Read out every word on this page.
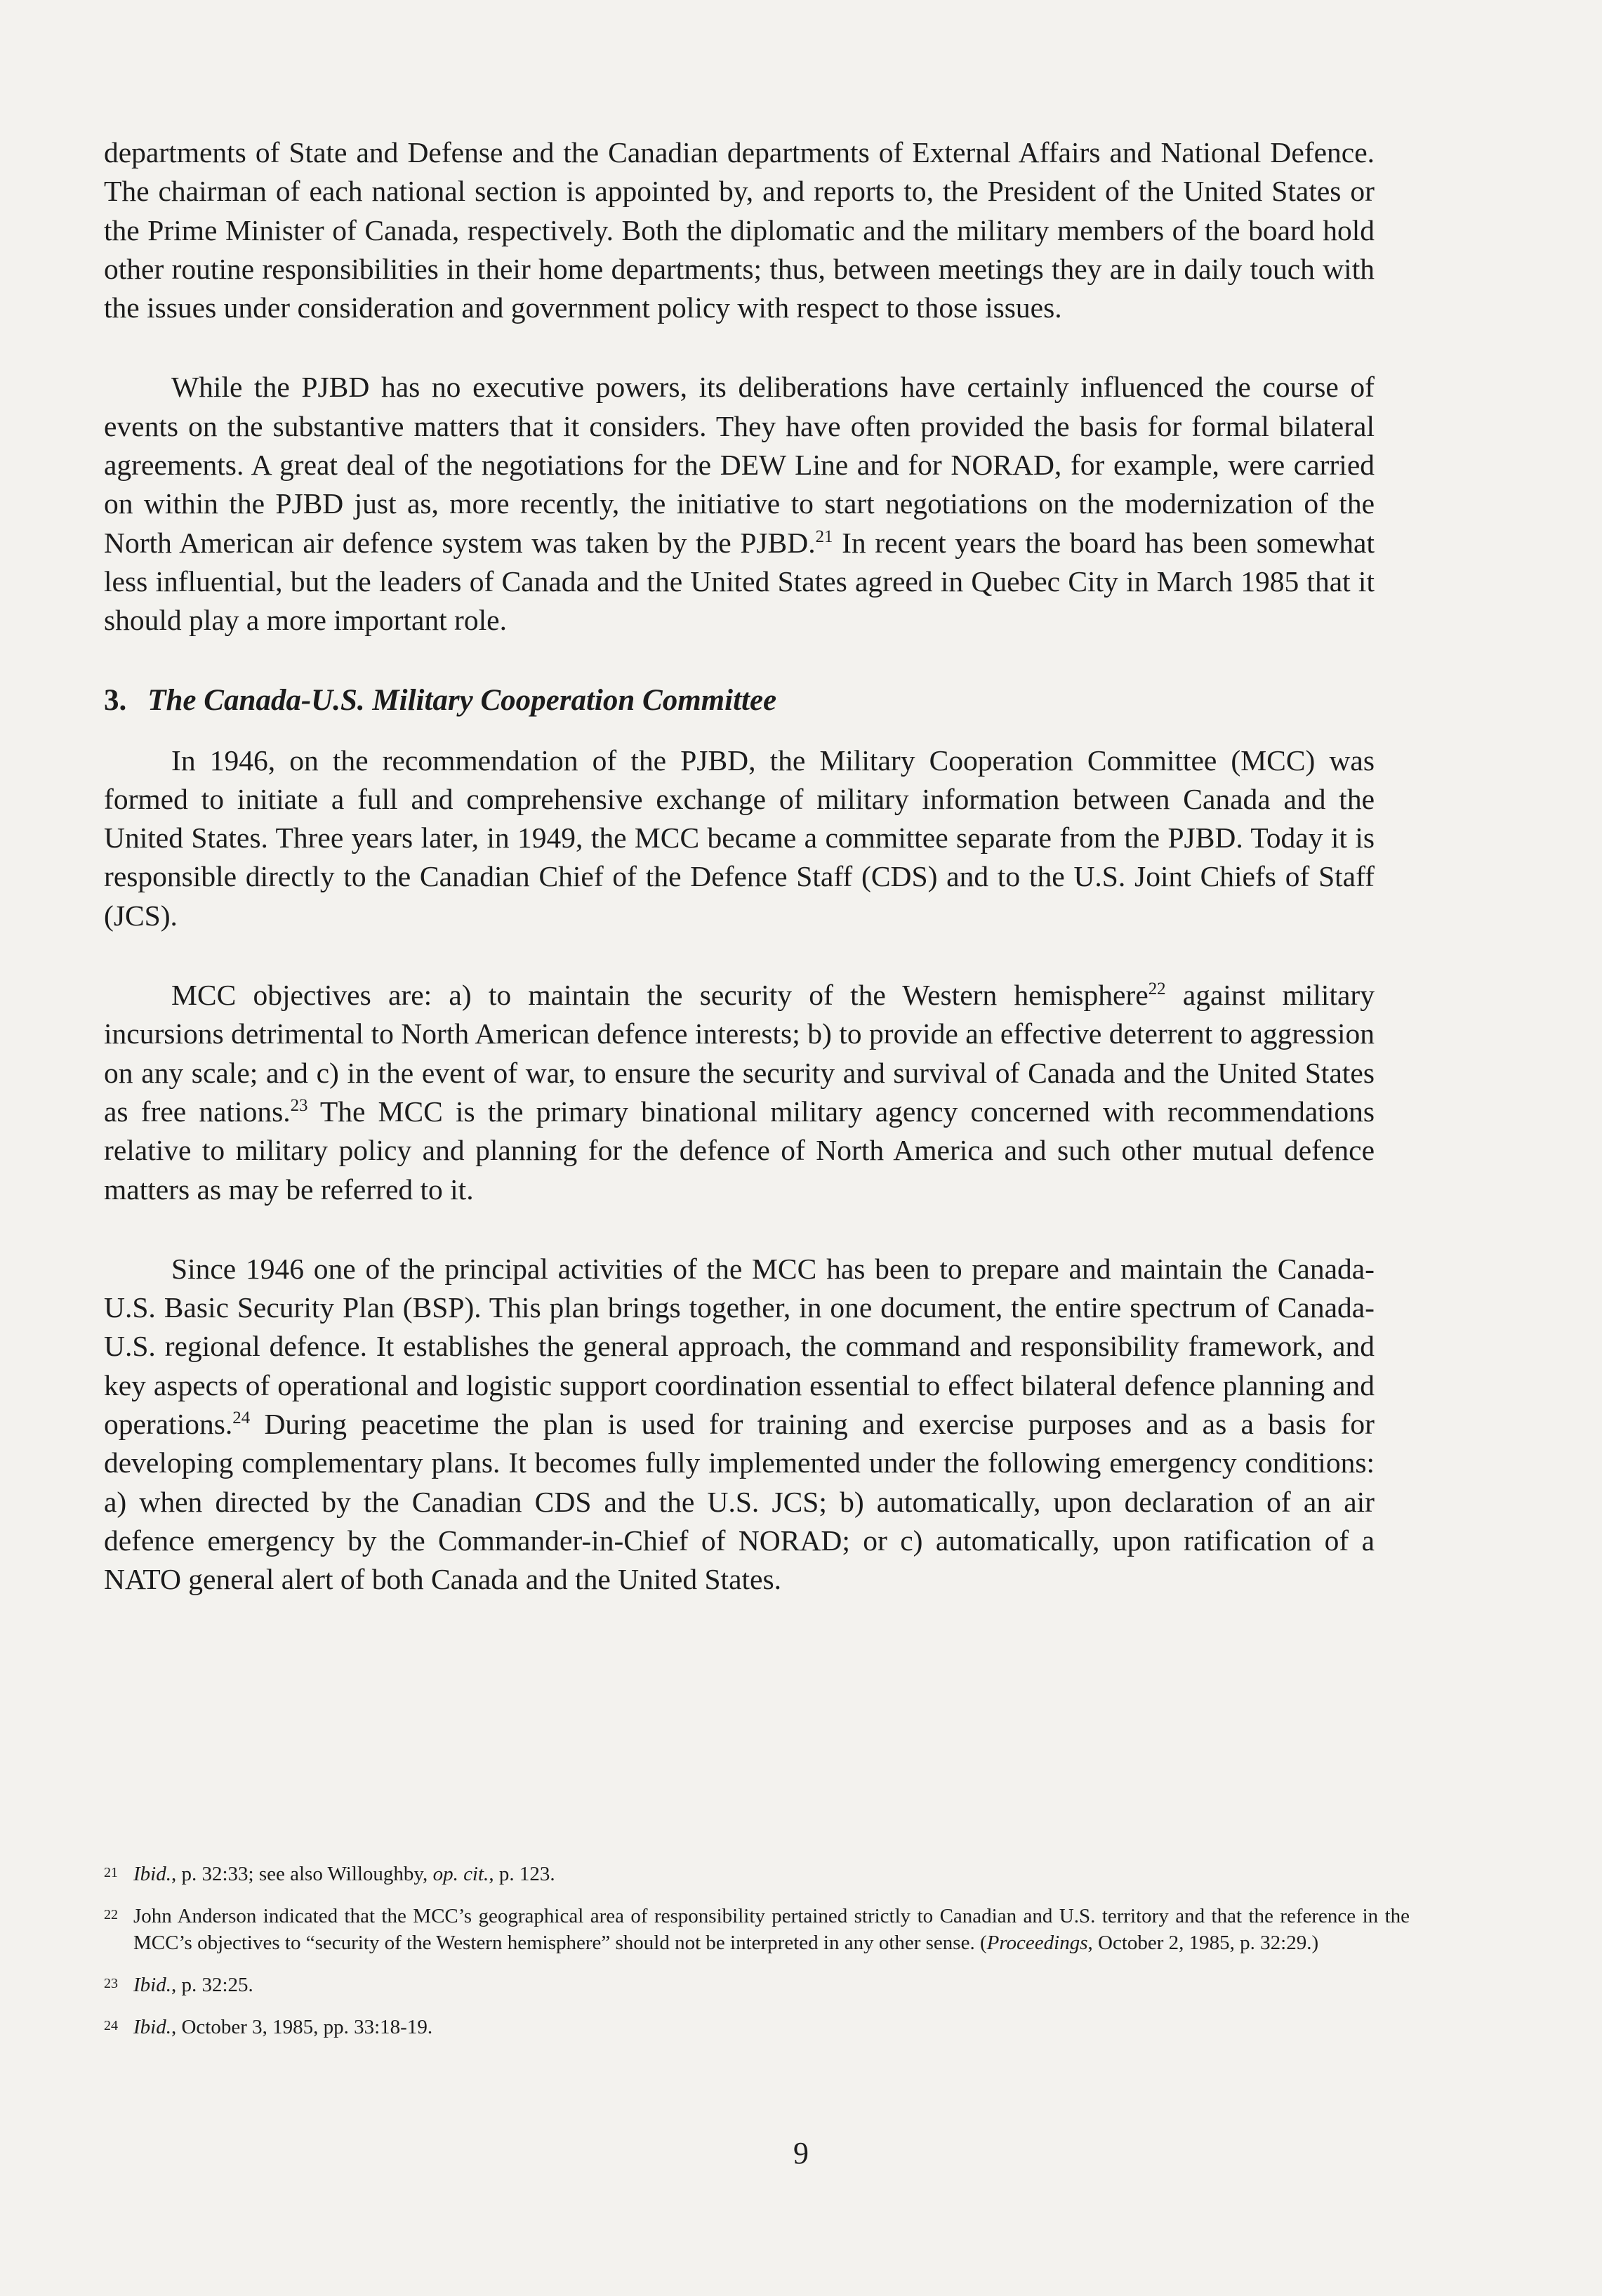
departments of State and Defense and the Canadian departments of External Affairs and National Defence. The chairman of each national section is appointed by, and reports to, the President of the United States or the Prime Minister of Canada, respectively. Both the diplomatic and the military members of the board hold other routine responsibilities in their home departments; thus, between meetings they are in daily touch with the issues under consideration and government policy with respect to those issues.

While the PJBD has no executive powers, its deliberations have certainly influenced the course of events on the substantive matters that it considers. They have often provided the basis for formal bilateral agreements. A great deal of the negotiations for the DEW Line and for NORAD, for example, were carried on within the PJBD just as, more recently, the initiative to start negotiations on the modernization of the North American air defence system was taken by the PJBD.$^{21}$ In recent years the board has been somewhat less influential, but the leaders of Canada and the United States agreed in Quebec City in March 1985 that it should play a more important role.

3. The Canada-U.S. Military Cooperation Committee

In 1946, on the recommendation of the PJBD, the Military Cooperation Committee (MCC) was formed to initiate a full and comprehensive exchange of military information between Canada and the United States. Three years later, in 1949, the MCC became a committee separate from the PJBD. Today it is responsible directly to the Canadian Chief of the Defence Staff (CDS) and to the U.S. Joint Chiefs of Staff (JCS).

MCC objectives are: a) to maintain the security of the Western hemisphere$^{22}$ against military incursions detrimental to North American defence interests; b) to provide an effective deterrent to aggression on any scale; and c) in the event of war, to ensure the security and survival of Canada and the United States as free nations.$^{23}$ The MCC is the primary binational military agency concerned with recommendations relative to military policy and planning for the defence of North America and such other mutual defence matters as may be referred to it.

Since 1946 one of the principal activities of the MCC has been to prepare and maintain the Canada-U.S. Basic Security Plan (BSP). This plan brings together, in one document, the entire spectrum of Canada-U.S. regional defence. It establishes the general approach, the command and responsibility framework, and key aspects of operational and logistic support coordination essential to effect bilateral defence planning and operations.$^{24}$ During peacetime the plan is used for training and exercise purposes and as a basis for developing complementary plans. It becomes fully implemented under the following emergency conditions: a) when directed by the Canadian CDS and the U.S. JCS; b) automatically, upon declaration of an air defence emergency by the Commander-in-Chief of NORAD; or c) automatically, upon ratification of a NATO general alert of both Canada and the United States.

21 Ibid., p. 32:33; see also Willoughby, op. cit., p. 123.
22 John Anderson indicated that the MCC’s geographical area of responsibility pertained strictly to Canadian and U.S. territory and that the reference in the MCC’s objectives to “security of the Western hemisphere” should not be interpreted in any other sense. (Proceedings, October 2, 1985, p. 32:29.)
23 Ibid., p. 32:25.
24 Ibid., October 3, 1985, pp. 33:18-19.
9
